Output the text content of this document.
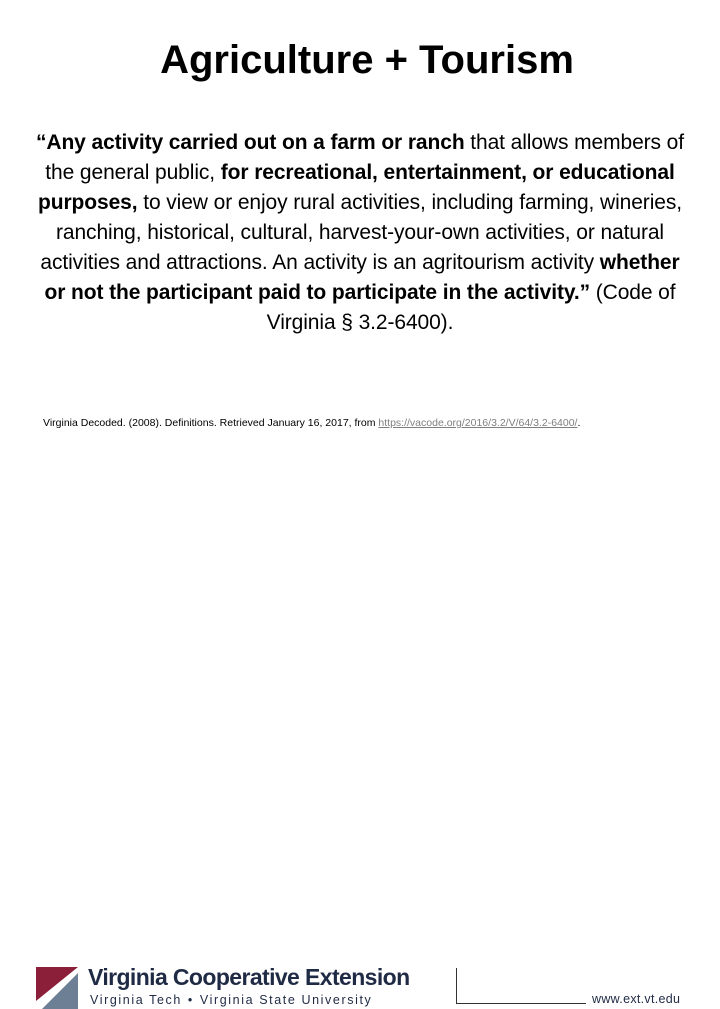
Agriculture + Tourism
“Any activity carried out on a farm or ranch that allows members of the general public, for recreational, entertainment, or educational purposes, to view or enjoy rural activities, including farming, wineries, ranching, historical, cultural, harvest-your-own activities, or natural activities and attractions. An activity is an agritourism activity whether or not the participant paid to participate in the activity.” (Code of Virginia § 3.2-6400).
Virginia Decoded. (2008). Definitions. Retrieved January 16, 2017, from https://vacode.org/2016/3.2/V/64/3.2-6400/.
Virginia Cooperative Extension
Virginia Tech • Virginia State University	www.ext.vt.edu
